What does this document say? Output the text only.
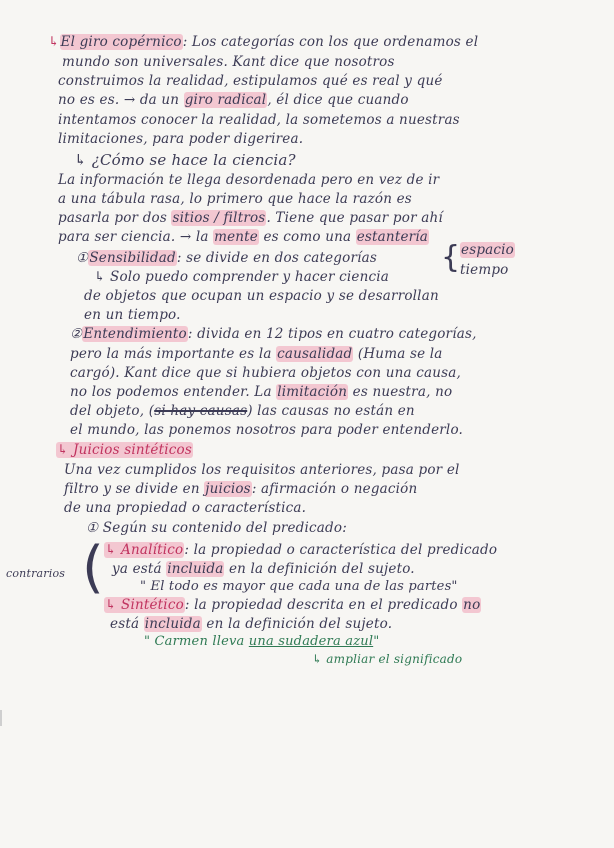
↳El giro copérnico: Los categorías con los que ordenamos el
mundo son universales. Kant dice que nosotros
construimos la realidad, estipulamos qué es real y qué
no es es. → da un giro radical, él dice que cuando
intentamos conocer la realidad, la sometemos a nuestras
limitaciones, para poder digerirea.
↳ ¿Cómo se hace la ciencia?
La información te llega desordenada pero en vez de ir
a una tábula rasa, lo primero que hace la razón es
pasarla por dos sitios / filtros. Tiene que pasar por ahí
para ser ciencia. → la mente es como una estantería
①Sensibilidad: se divide en dos categorías { espacio
tiempo
↳ Solo puedo comprender y hacer ciencia
de objetos que ocupan un espacio y se desarrollan
en un tiempo.
②Entendimiento: divida en 12 tipos en cuatro categorías,
pero la más importante es la causalidad (Huma se la
cargó). Kant dice que si hubiera objetos con una causa,
no los podemos entender. La limitación es nuestra, no
del objeto, (si hay causas) las causas no están en
el mundo, las ponemos nosotros para poder entenderlo.
↳ Juicios sintéticos
Una vez cumplidos los requisitos anteriores, pasa por el
filtro y se divide en juicios: afirmación o negación
de una propiedad o característica.
① Según su contenido del predicado:
contrarios ( ↳ Analítico: la propiedad o característica del predicado
ya está incluida en la definición del sujeto.
" El todo es mayor que cada una de las partes"
↳ Sintético: la propiedad descrita en el predicado no
está incluida en la definición del sujeto.
" Carmen lleva una sudadera azul"
↳ ampliar el significado
